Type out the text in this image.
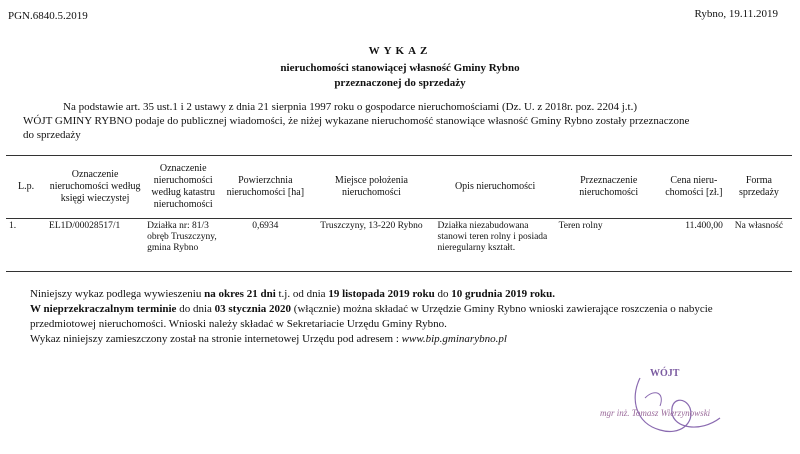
PGN.6840.5.2019	Rybno, 19.11.2019
WYKAZ
nieruchomości stanowiącej własność Gminy Rybno
przeznaczonej do sprzedaży
Na podstawie art. 35 ust.1 i 2 ustawy z dnia 21 sierpnia 1997 roku o gospodarce nieruchomościami (Dz. U. z 2018r. poz. 2204 j.t.)
WÓJT GMINY RYBNO podaje do publicznej wiadomości, że niżej wykazane nieruchomość stanowiące własność Gminy Rybno zostały przeznaczone
do sprzedaży
L.p.	Oznaczenie nieruchomości według księgi wieczystej	Oznaczenie nieruchomości według katastru nieruchomości	Powierzchnia nieruchomości [ha]	Miejsce położenia nieruchomości	Opis nieruchomości	Przeznaczenie nieruchomości	Cena nieru-chomości [zł.]	Forma sprzedaży
1.	EL1D/00028517/1	Działka nr: 81/3 obręb Truszczyny, gmina Rybno	0,6934	Truszczyny, 13-220 Rybno	Działka niezabudowana stanowi teren rolny i posiada nieregularny kształt.	Teren rolny	11.400,00	Na własność
Niniejszy wykaz podlega wywieszeniu na okres 21 dni t.j. od dnia 19 listopada 2019 roku do 10 grudnia 2019 roku.
W nieprzekraczalnym terminie do dnia 03 stycznia 2020 (włącznie) można składać w Urzędzie Gminy Rybno wnioski zawierające roszczenia o nabycie
przedmiotowej nieruchomości. Wnioski należy składać w Sekretariacie Urzędu Gminy Rybno.
Wykaz niniejszy zamieszczony został na stronie internetowej Urzędu pod adresem : www.bip.gminarybno.pl
WÓJT
mgr inż. Tomasz Wierzynowski
